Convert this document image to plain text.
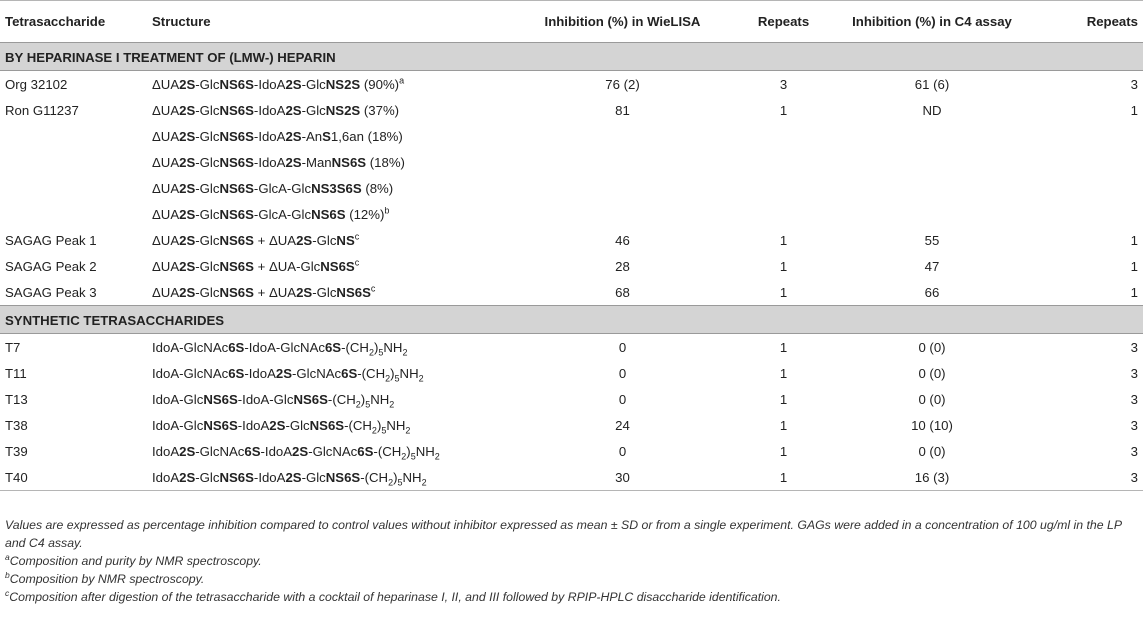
Tetrasaccharide	Structure	Inhibition (%) in WieLISA	Repeats	Inhibition (%) in C4 assay	Repeats
BY HEPARINASE I TREATMENT OF (LMW-) HEPARIN					
Org 32102	ΔUA2S-GlcNS6S-IdoA2S-GlcNS2S $(90\%)^a$	76 (2)	3	61 (6)	3
Ron G11237	ΔUA2S-GlcNS6S-IdoA2S-GlcNS2S (37%)	81	1	ND	1
	ΔUA2S-GlcNS6S-IdoA2S-AnS1,6an (18%)				
	ΔUA2S-GlcNS6S-IdoA2S-ManNS6S (18%)				
	ΔUA2S-GlcNS6S-GlcA-GlcNS3S6S (8%)				
	ΔUA2S-GlcNS6S-GlcA-GlcNS6S $(12\%)^b$				
SAGAG Peak 1	ΔUA2S-GlcNS6S + ΔUA2S-GlcNS$^c$	46	1	55	1
SAGAG Peak 2	ΔUA2S-GlcNS6S + ΔUA-$GlcNS6S^c$	28	1	47	1
SAGAG Peak 3	ΔUA2S-GlcNS6S + $\Delta UA2S-GlcNS6S^c$	68	1	66	1
SYNTHETIC TETRASACCHARIDES					
T7	IdoA-$GlcNAc6S-IdoA-GlcNAc6S-(CH_2)_5NH_2$	0	1	0 (0)	3
T11	IdoA-$GlcNAc6S-IdoA2S-GlcNAc6S-(CH_2)_5NH_2$	0	1	0 (0)	3
T13	IdoA-$GlcNS6S-IdoA-GlcNS6S-(CH_2)_5NH_2$	0	1	0 (0)	3
T38	IdoA-$GlcNS6S-IdoA2S-GlcNS6S-(CH_2)_5NH_2$	24	1	10 (10)	3
T39	$IdoA2S-GlcNAc6S-IdoA2S-GlcNAc6S-(CH_2)_5NH_2$	0	1	0 (0)	3
T40	$IdoA2S-GlcNS6S-IdoA2S-GlcNS6S-(CH_2)_5NH_2$	30	1	16 (3)	3

Values are expressed as percentage inhibition compared to control values without inhibitor expressed as mean ± SD or from a single experiment. GAGs were added in a concentration of 100 ug/ml in the LP and C4 assay.

$^a$Composition and purity by NMR spectroscopy.

$^b$Composition by NMR spectroscopy.

$^c$Composition after digestion of the tetrasaccharide with a cocktail of heparinase I, II, and III followed by RPIP-HPLC disaccharide identification.
